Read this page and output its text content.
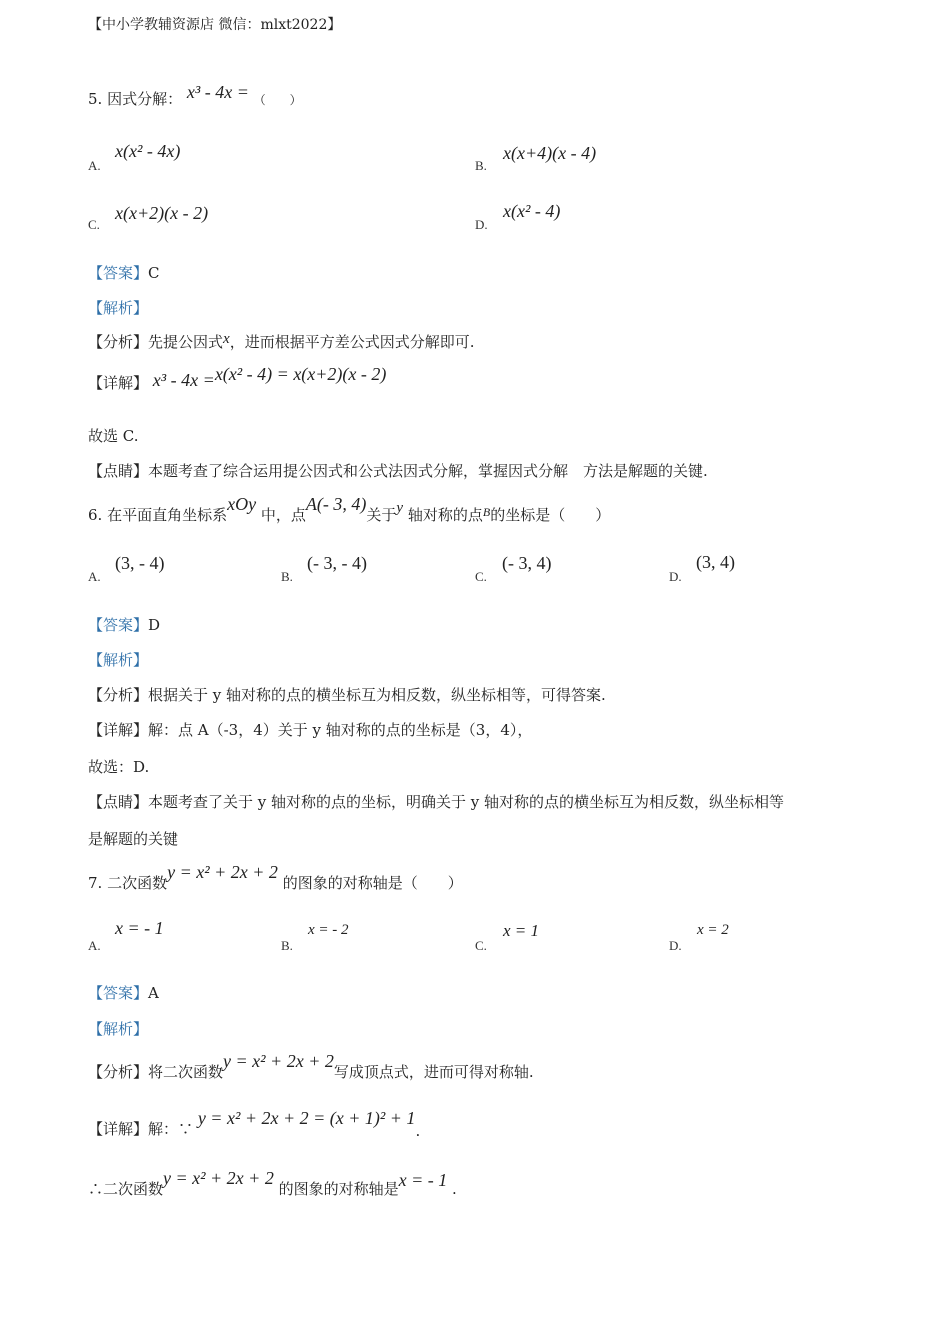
【中小学教辅资源店 微信：mlxt2022】
5. 因式分解： x³ - 4x = $_{( )}$
A.
x(x² - 4x)
B.
x(x+4)(x - 4)
C.
x(x+2)(x - 2)
D.
x(x² - 4)
【答案】C
【解析】
【分析】先提公因式x，进而根据平方差公式因式分解即可.
【详解】 x³ - 4x =x(x² - 4) = x(x+2)(x - 2)
故选 C.
【点睛】本题考查了综合运用提公因式和公式法因式分解，掌握因式分解　方法是解题的关键.
6. 在平面直角坐标系xOy 中，点A(- 3, 4)关于y 轴对称的点B的坐标是（　　）
A.
(3, - 4)
B.
(- 3, - 4)
C.
(- 3, 4)
D.
(3, 4)
【答案】D
【解析】
【分析】根据关于 y 轴对称的点的横坐标互为相反数，纵坐标相等，可得答案.
【详解】解：点 A（-3，4）关于 y 轴对称的点的坐标是（3，4），
故选：D.
【点睛】本题考查了关于 y 轴对称的点的坐标，明确关于 y 轴对称的点的横坐标互为相反数，纵坐标相等
是解题的关键
7. 二次函数y = x² + 2x + 2 的图象的对称轴是（　　）
A.
x = - 1
B.
x = - 2
C.
x = 1
D.
x = 2
【答案】A
【解析】
【分析】将二次函数y = x² + 2x + 2写成顶点式，进而可得对称轴.
【详解】解：∵ y = x² + 2x + 2 = (x + 1)² + 1.
∴二次函数y = x² + 2x + 2 的图象的对称轴是x = - 1 .
